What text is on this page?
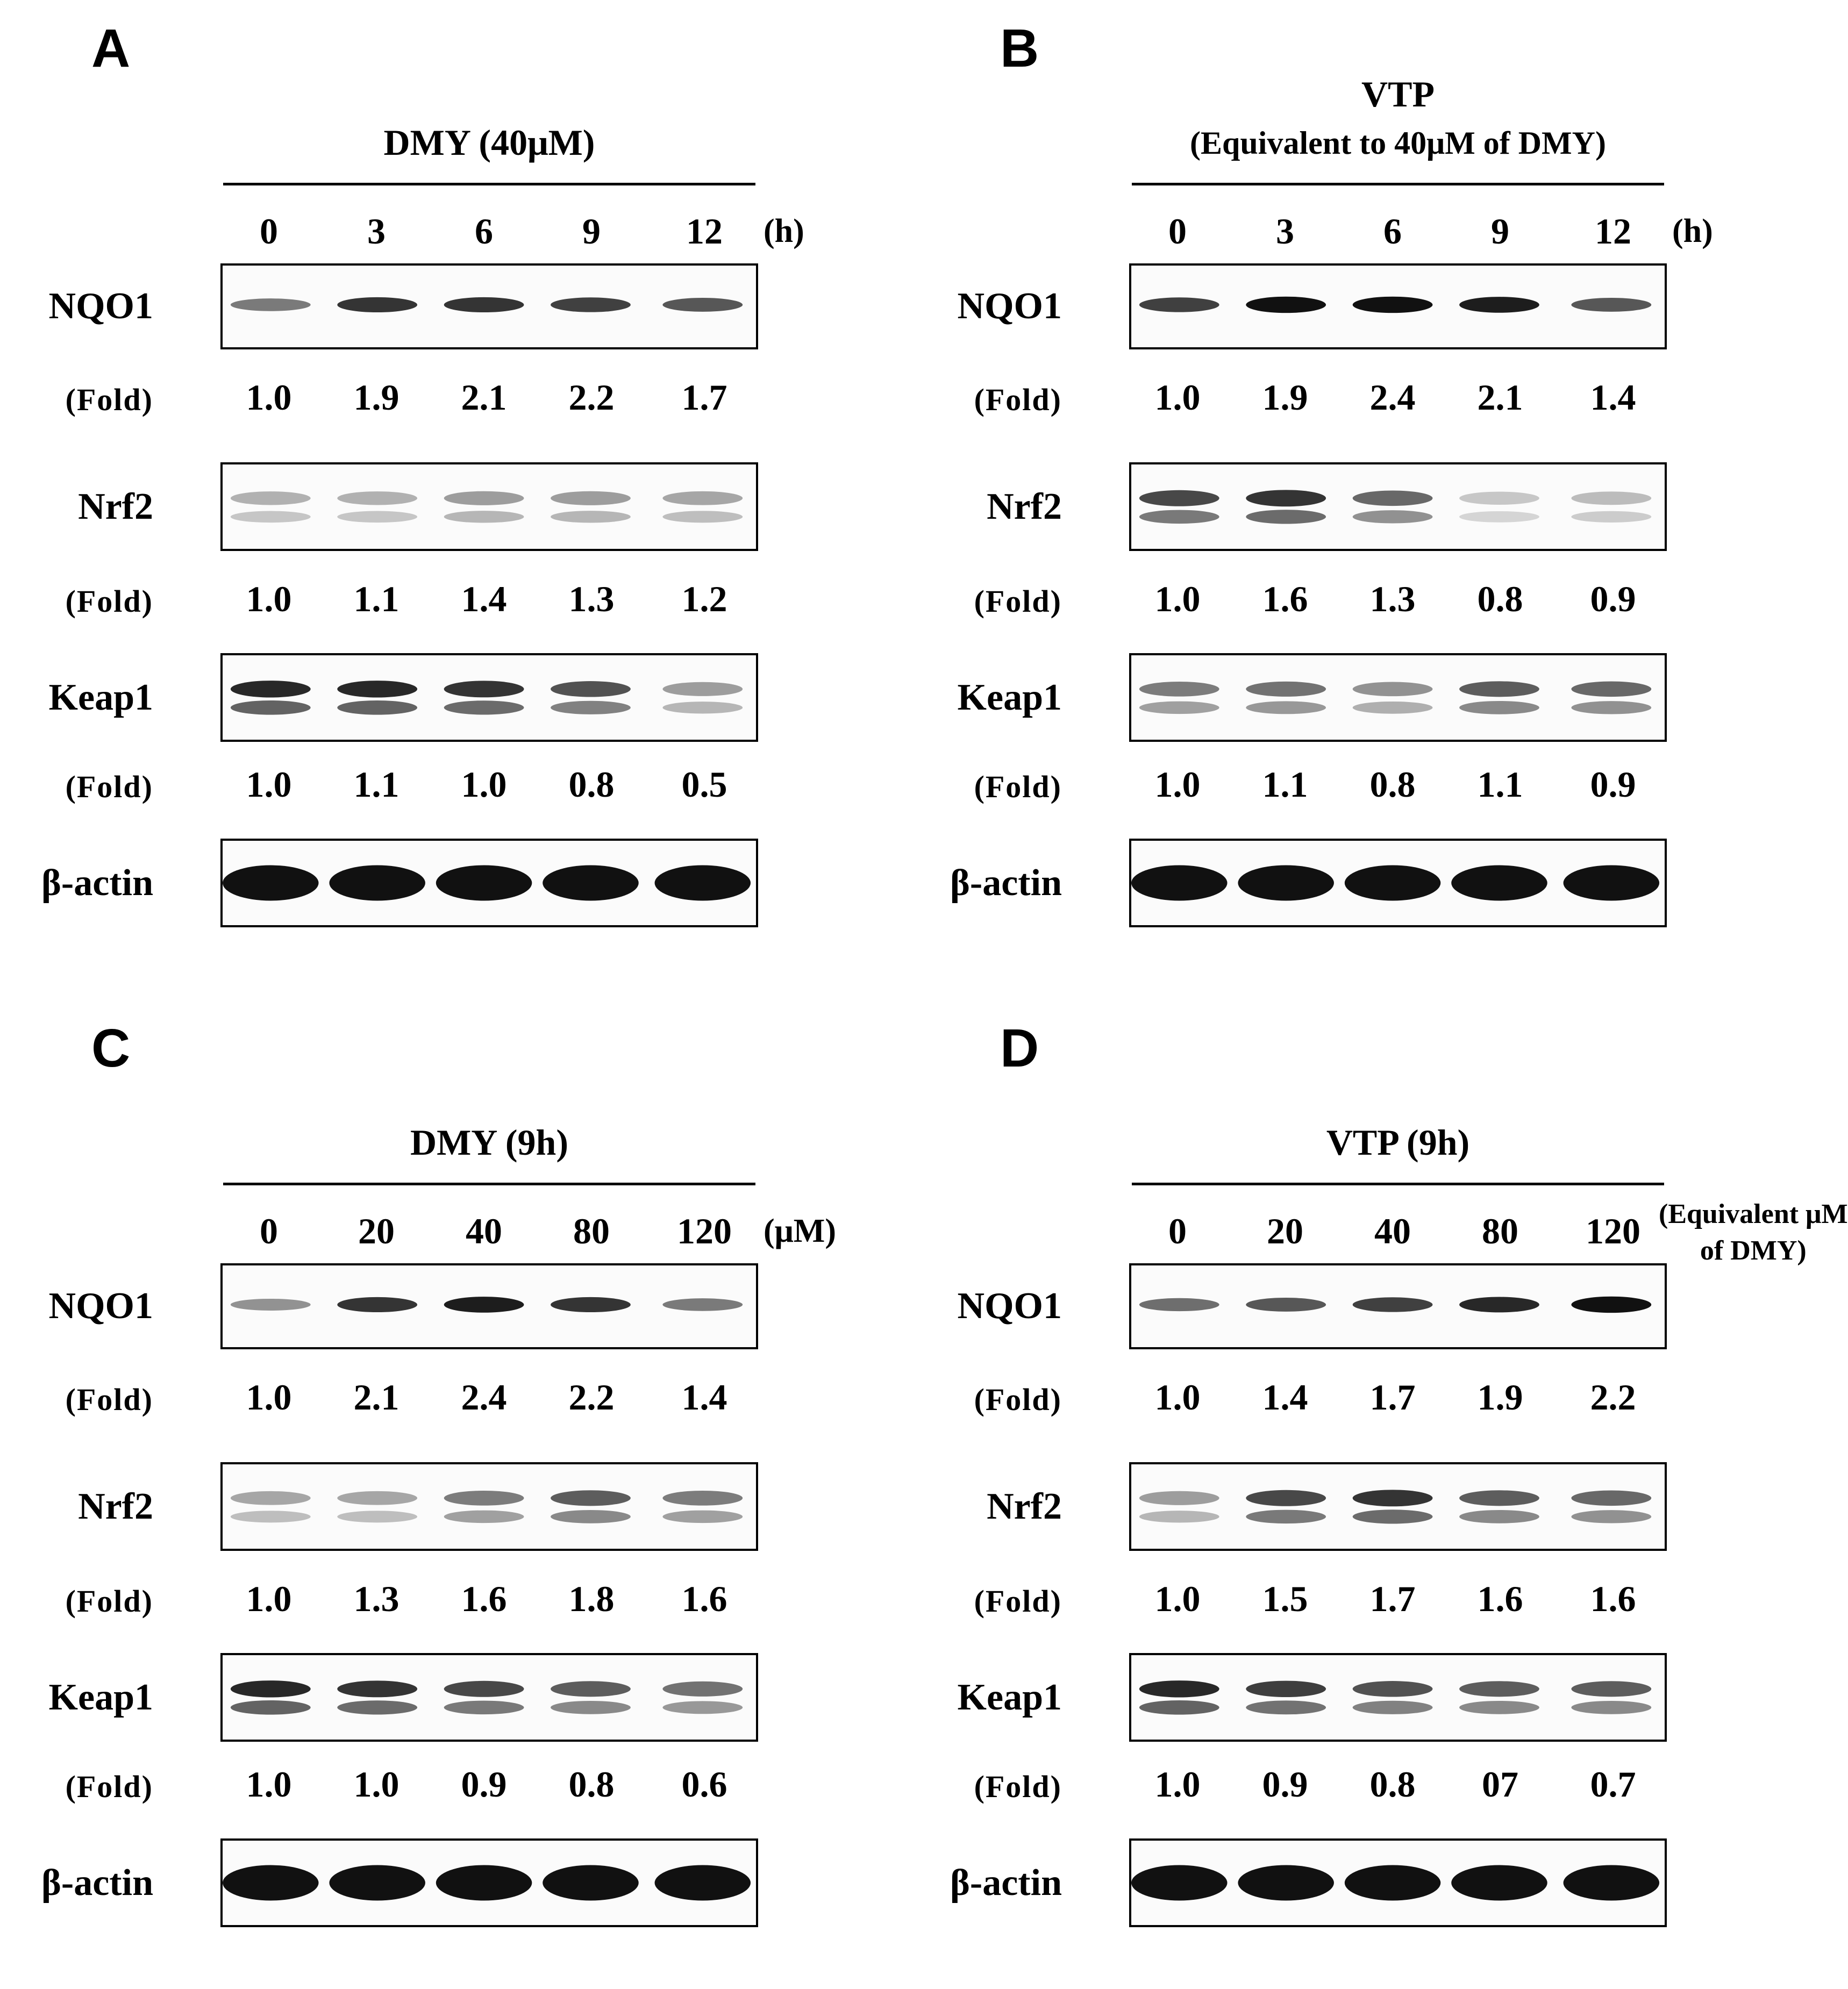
A
DMY (40μM)
0	3	6	9	12	(h)
NQO1
(Fold)	1.0	1.9	2.1	2.2	1.7
Nrf2
(Fold)	1.0	1.1	1.4	1.3	1.2
Keap1
(Fold)	1.0	1.1	1.0	0.8	0.5
β-actin
B
VTP
(Equivalent to 40μM of DMY)
0	3	6	9	12	(h)
NQO1
(Fold)	1.0	1.9	2.4	2.1	1.4
Nrf2
(Fold)	1.0	1.6	1.3	0.8	0.9
Keap1
(Fold)	1.0	1.1	0.8	1.1	0.9
β-actin
C
DMY (9h)
0	20	40	80	120 (μM)
NQO1
(Fold)	1.0	2.1	2.4	2.2	1.4
Nrf2
(Fold)	1.0	1.3	1.6	1.8	1.6
Keap1
(Fold)	1.0	1.0	0.9	0.8	0.6
β-actin
D
VTP (9h)
0	20	40	80	120 (Equivalent μM
of DMY)
NQO1
(Fold)	1.0	1.4	1.7	1.9	2.2
Nrf2
(Fold)	1.0	1.5	1.7	1.6	1.6
Keap1
(Fold)	1.0	0.9	0.8	07	0.7
β-actin
